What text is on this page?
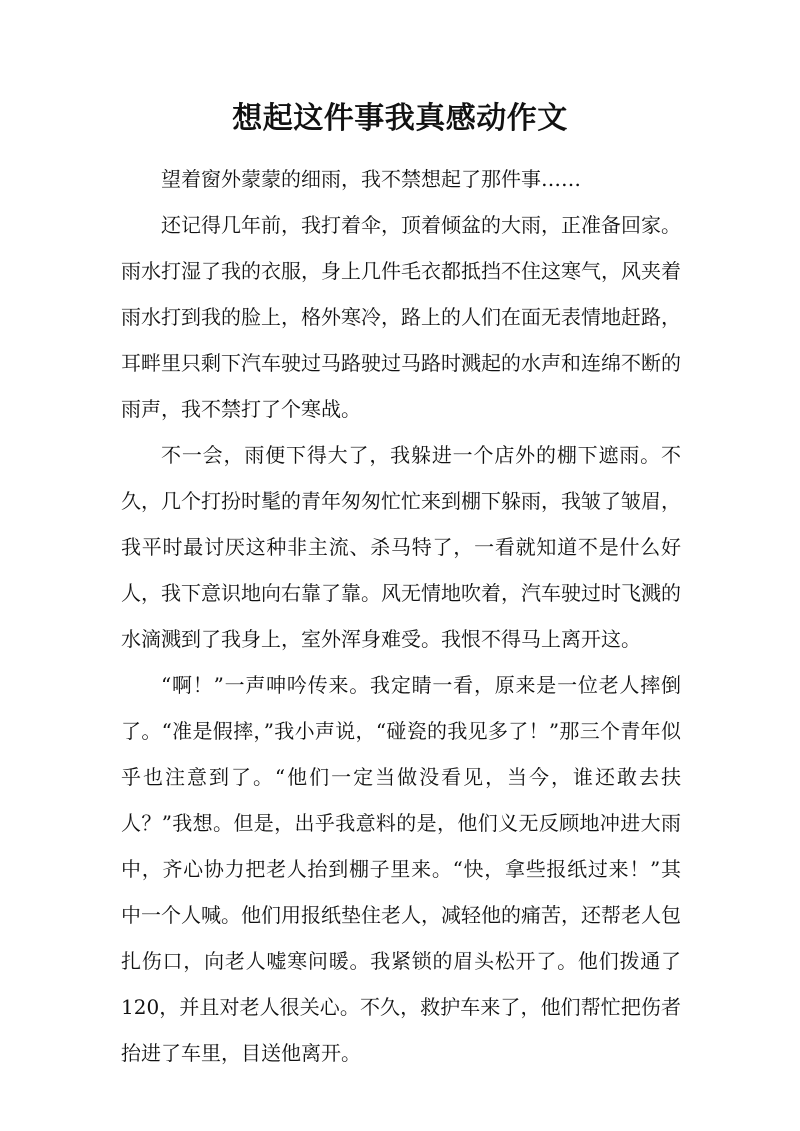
想起这件事我真感动作文

望着窗外蒙蒙的细雨，我不禁想起了那件事……

还记得几年前，我打着伞，顶着倾盆的大雨，正准备回家。雨水打湿了我的衣服，身上几件毛衣都抵挡不住这寒气，风夹着雨水打到我的脸上，格外寒冷，路上的人们在面无表情地赶路，耳畔里只剩下汽车驶过马路驶过马路时溅起的水声和连绵不断的雨声，我不禁打了个寒战。

不一会，雨便下得大了，我躲进一个店外的棚下遮雨。不久，几个打扮时髦的青年匆匆忙忙来到棚下躲雨，我皱了皱眉，我平时最讨厌这种非主流、杀马特了，一看就知道不是什么好人，我下意识地向右靠了靠。风无情地吹着，汽车驶过时飞溅的水滴溅到了我身上，室外浑身难受。我恨不得马上离开这。

“啊！”一声呻吟传来。我定睛一看，原来是一位老人摔倒了。“准是假摔，”我小声说，“碰瓷的我见多了！”那三个青年似乎也注意到了。“他们一定当做没看见，当今，谁还敢去扶人？”我想。但是，出乎我意料的是，他们义无反顾地冲进大雨中，齐心协力把老人抬到棚子里来。“快，拿些报纸过来！”其中一个人喊。他们用报纸垫住老人，减轻他的痛苦，还帮老人包扎伤口，向老人嘘寒问暖。我紧锁的眉头松开了。他们拨通了120，并且对老人很关心。不久，救护车来了，他们帮忙把伤者抬进了车里，目送他离开。
